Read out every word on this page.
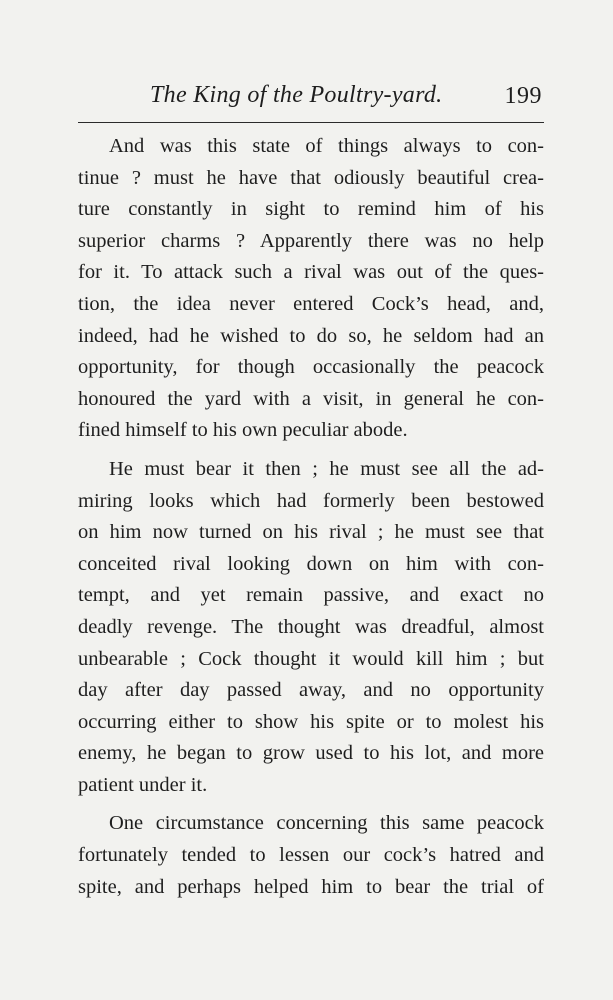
The King of the Poultry-yard.	199
And was this state of things always to con-
tinue ? must he have that odiously beautiful crea-
ture constantly in sight to remind him of his
superior charms ? Apparently there was no help
for it. To attack such a rival was out of the ques-
tion, the idea never entered Cock’s head, and,
indeed, had he wished to do so, he seldom had an
opportunity, for though occasionally the peacock
honoured the yard with a visit, in general he con-
fined himself to his own peculiar abode.
He must bear it then ; he must see all the ad-
miring looks which had formerly been bestowed
on him now turned on his rival ; he must see that
conceited rival looking down on him with con-
tempt, and yet remain passive, and exact no
deadly revenge. The thought was dreadful, almost
unbearable ; Cock thought it would kill him ; but
day after day passed away, and no opportunity
occurring either to show his spite or to molest his
enemy, he began to grow used to his lot, and more
patient under it.
One circumstance concerning this same peacock
fortunately tended to lessen our cock’s hatred and
spite, and perhaps helped him to bear the trial of
